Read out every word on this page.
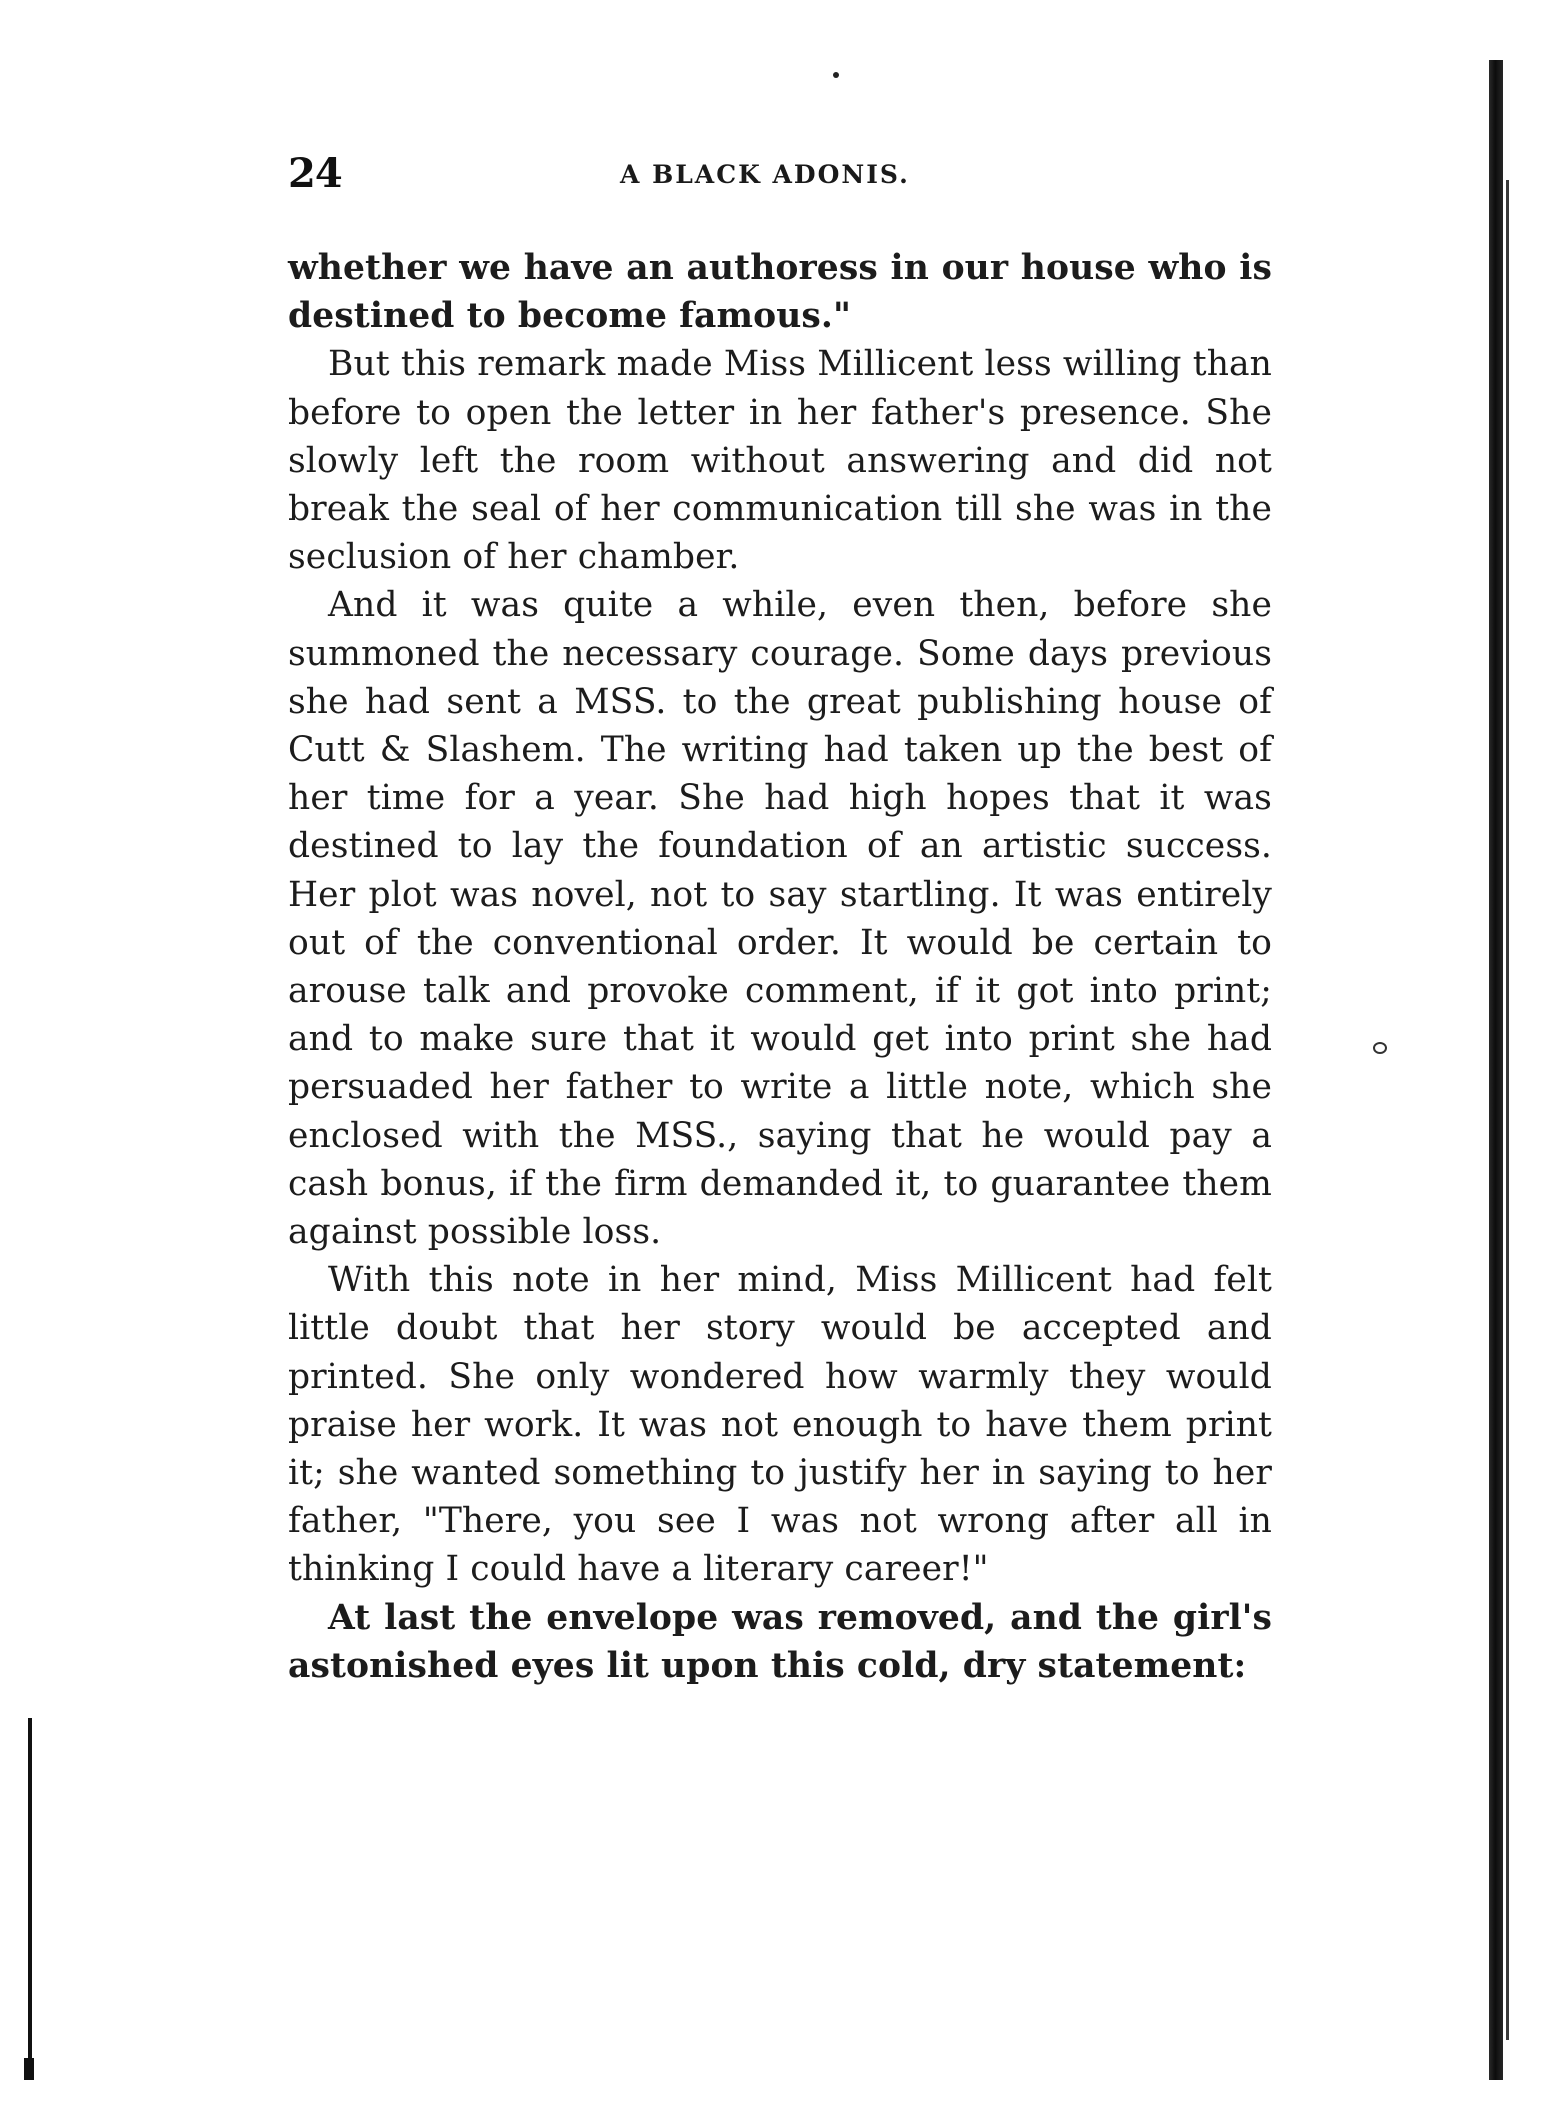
24	A BLACK ADONIS.

whether we have an authoress in our house who is destined to become famous."

But this remark made Miss Millicent less willing than before to open the letter in her father's presence. She slowly left the room without answering and did not break the seal of her communication till she was in the seclusion of her chamber.

And it was quite a while, even then, before she summoned the necessary courage. Some days previous she had sent a MSS. to the great publishing house of Cutt & Slashem. The writing had taken up the best of her time for a year. She had high hopes that it was destined to lay the foundation of an artistic success. Her plot was novel, not to say startling. It was entirely out of the conventional order. It would be certain to arouse talk and provoke comment, if it got into print; and to make sure that it would get into print she had persuaded her father to write a little note, which she enclosed with the MSS., saying that he would pay a cash bonus, if the firm demanded it, to guarantee them against possible loss.

With this note in her mind, Miss Millicent had felt little doubt that her story would be accepted and printed. She only wondered how warmly they would praise her work. It was not enough to have them print it; she wanted something to justify her in saying to her father, "There, you see I was not wrong after all in thinking I could have a literary career!"

At last the envelope was removed, and the girl's astonished eyes lit upon this cold, dry statement:
